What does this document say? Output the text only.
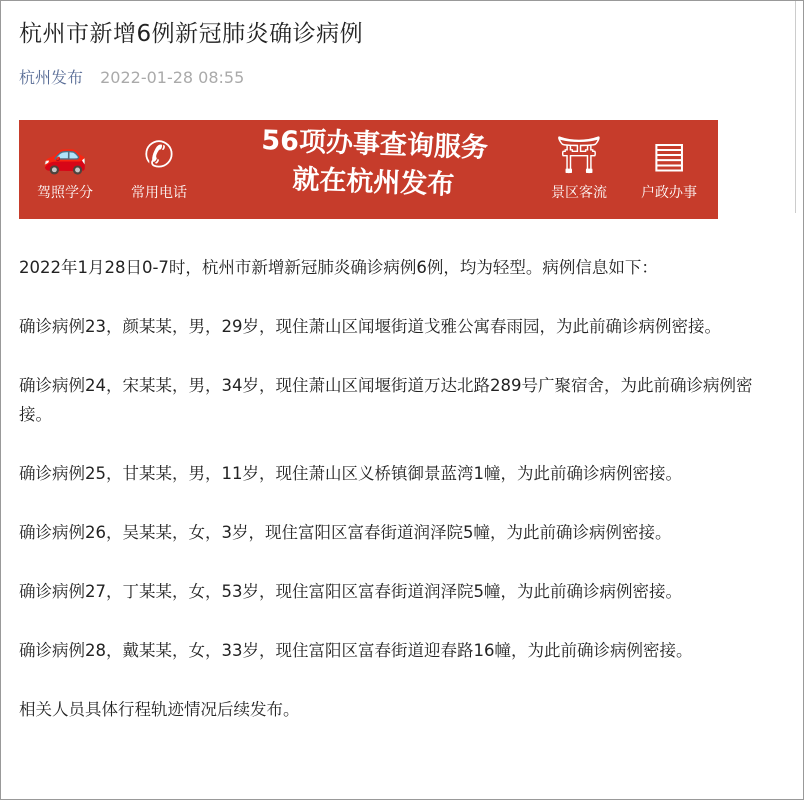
杭州市新增6例新冠肺炎确诊病例
杭州发布 2022-01-28 08:55
🚗
驾照学分
✆
常用电话
56项办事查询服务
就在杭州发布
⛩
景区客流
▤
户政办事

2022年1月28日0-7时，杭州市新增新冠肺炎确诊病例6例，均为轻型。病例信息如下：

确诊病例23，颜某某，男，29岁，现住萧山区闻堰街道戈雅公寓春雨园，为此前确诊病例密接。

确诊病例24，宋某某，男，34岁，现住萧山区闻堰街道万达北路289号广聚宿舍，为此前确诊病例密接。

确诊病例25，甘某某，男，11岁，现住萧山区义桥镇御景蓝湾1幢，为此前确诊病例密接。

确诊病例26，吴某某，女，3岁，现住富阳区富春街道润泽院5幢，为此前确诊病例密接。

确诊病例27，丁某某，女，53岁，现住富阳区富春街道润泽院5幢，为此前确诊病例密接。

确诊病例28，戴某某，女，33岁，现住富阳区富春街道迎春路16幢，为此前确诊病例密接。

相关人员具体行程轨迹情况后续发布。
